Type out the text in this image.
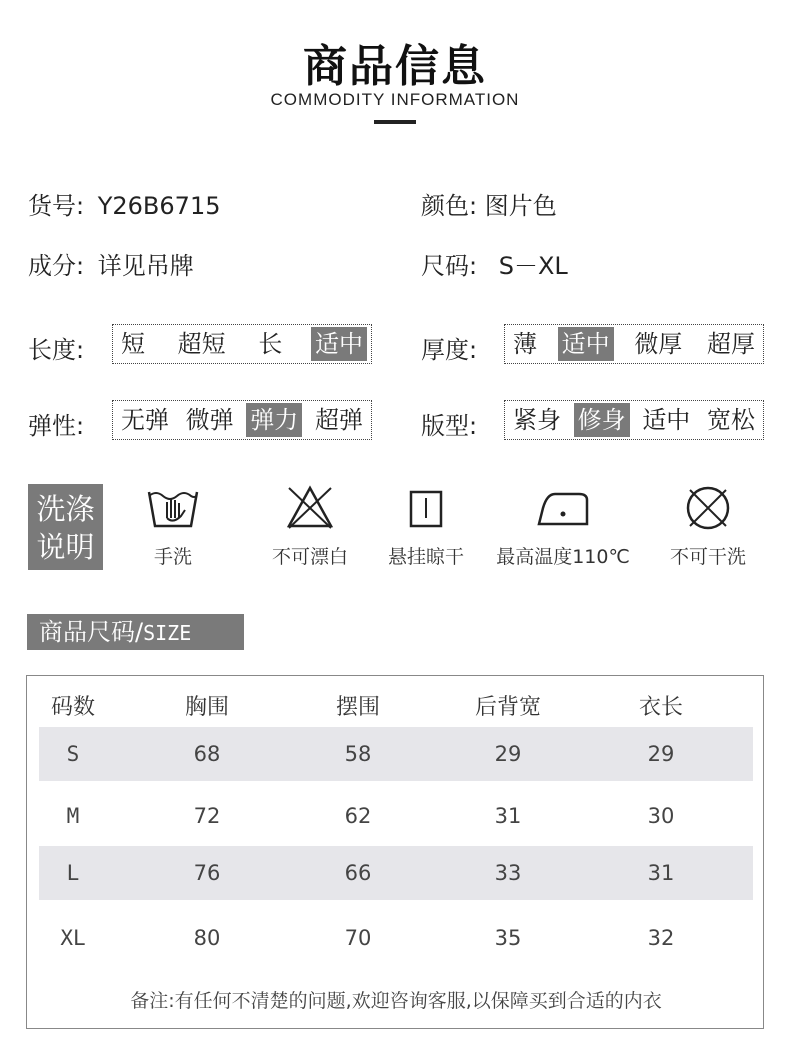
商品信息
COMMODITY INFORMATION
货号: Y26B6715	颜色: 图片色
成分: 详见吊牌	尺码: S－XL
长度: 短 超短 长 适中 厚度: 薄 适中 微厚 超厚
弹性: 无弹 微弹 弹力 超弹 版型: 紧身 修身 适中 宽松
洗涤
说明	手洗	不可漂白	悬挂晾干	最高温度110℃	不可干洗
商品尺码/SIZE
码数	胸围	摆围	后背宽	衣长
S	68	58	29	29
M	72	62	31	30
L	76	66	33	31
XL	80	70	35	32
备注:有任何不清楚的问题,欢迎咨询客服,以保障买到合适的内衣
